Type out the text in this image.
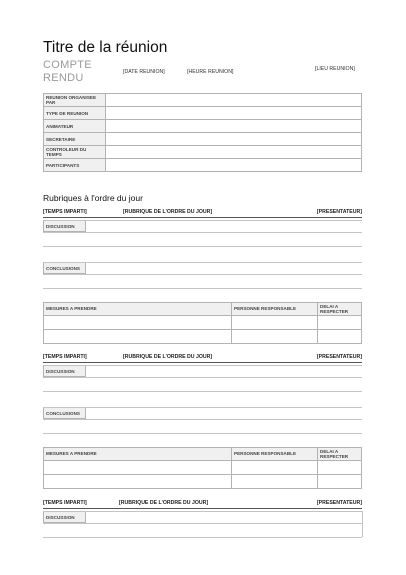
Titre de la réunion
COMPTE RENDU	[DATE REUNION]	[HEURE REUNION]	[LIEU REUNION]
REUNION ORGANISEE PAR	
TYPE DE REUNION	
ANIMATEUR	
SECRETAIRE	
CONTROLEUR DU TEMPS	
PARTICIPANTS	
Rubriques à l'ordre du jour
[TEMPS IMPARTI]	[RUBRIQUE DE L'ORDRE DU JOUR]	[PRESENTATEUR]
DISCUSSION
CONCLUSIONS
MESURES A PRENDRE	PERSONNE RESPONSABLE	DELAI A RESPECTER

[TEMPS IMPARTI]	[RUBRIQUE DE L'ORDRE DU JOUR]	[PRESENTATEUR]
DISCUSSION
CONCLUSIONS
MESURES A PRENDRE	PERSONNE RESPONSABLE	DELAI A RESPECTER

[TEMPS IMPARTI]	[RUBRIQUE DE L'ORDRE DU JOUR]	[PRESENTATEUR]
DISCUSSION
